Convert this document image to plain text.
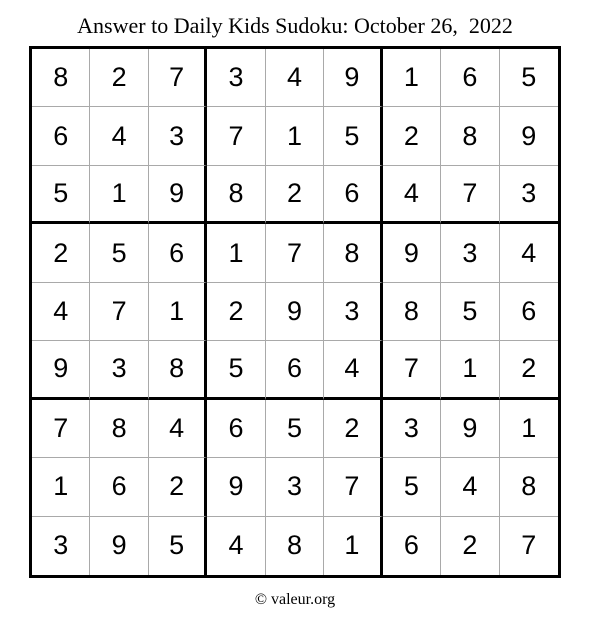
Answer to Daily Kids Sudoku: October 26,  2022
8	2	7	3	4	9	1	6	5
6	4	3	7	1	5	2	8	9
5	1	9	8	2	6	4	7	3
2	5	6	1	7	8	9	3	4
4	7	1	2	9	3	8	5	6
9	3	8	5	6	4	7	1	2
7	8	4	6	5	2	3	9	1
1	6	2	9	3	7	5	4	8
3	9	5	4	8	1	6	2	7
© valeur.org
